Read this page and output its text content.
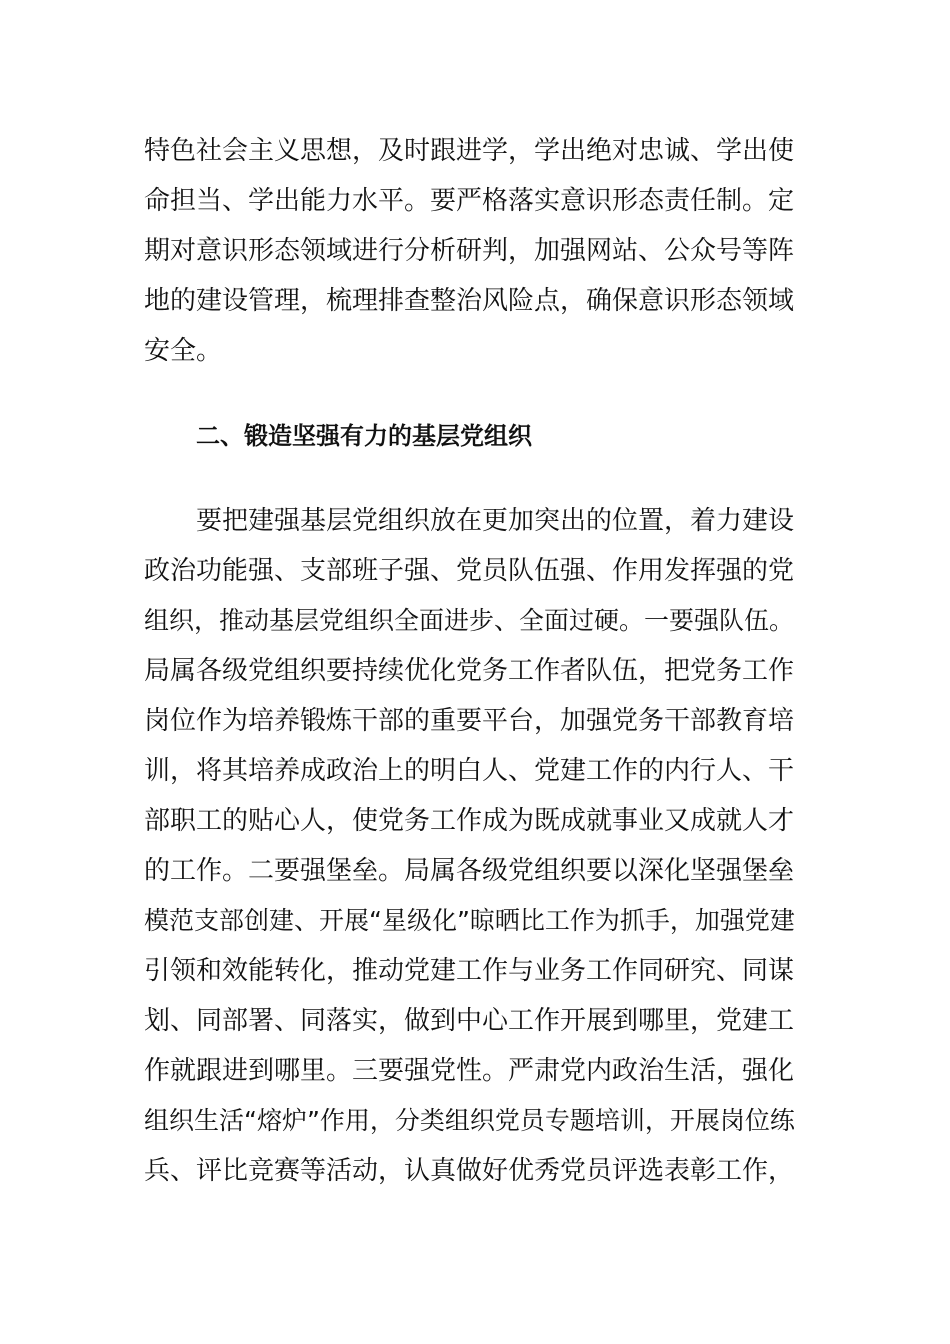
特色社会主义思想，及时跟进学，学出绝对忠诚、学出使
命担当、学出能力水平。要严格落实意识形态责任制。定
期对意识形态领域进行分析研判，加强网站、公众号等阵
地的建设管理，梳理排查整治风险点，确保意识形态领域
安全。
二、锻造坚强有力的基层党组织
要把建强基层党组织放在更加突出的位置，着力建设
政治功能强、支部班子强、党员队伍强、作用发挥强的党
组织，推动基层党组织全面进步、全面过硬。一要强队伍。
局属各级党组织要持续优化党务工作者队伍，把党务工作
岗位作为培养锻炼干部的重要平台，加强党务干部教育培
训，将其培养成政治上的明白人、党建工作的内行人、干
部职工的贴心人，使党务工作成为既成就事业又成就人才
的工作。二要强堡垒。局属各级党组织要以深化坚强堡垒
模范支部创建、开展“星级化”晾晒比工作为抓手，加强党建
引领和效能转化，推动党建工作与业务工作同研究、同谋
划、同部署、同落实，做到中心工作开展到哪里，党建工
作就跟进到哪里。三要强党性。严肃党内政治生活，强化
组织生活“熔炉”作用，分类组织党员专题培训，开展岗位练
兵、评比竞赛等活动，认真做好优秀党员评选表彰工作，
